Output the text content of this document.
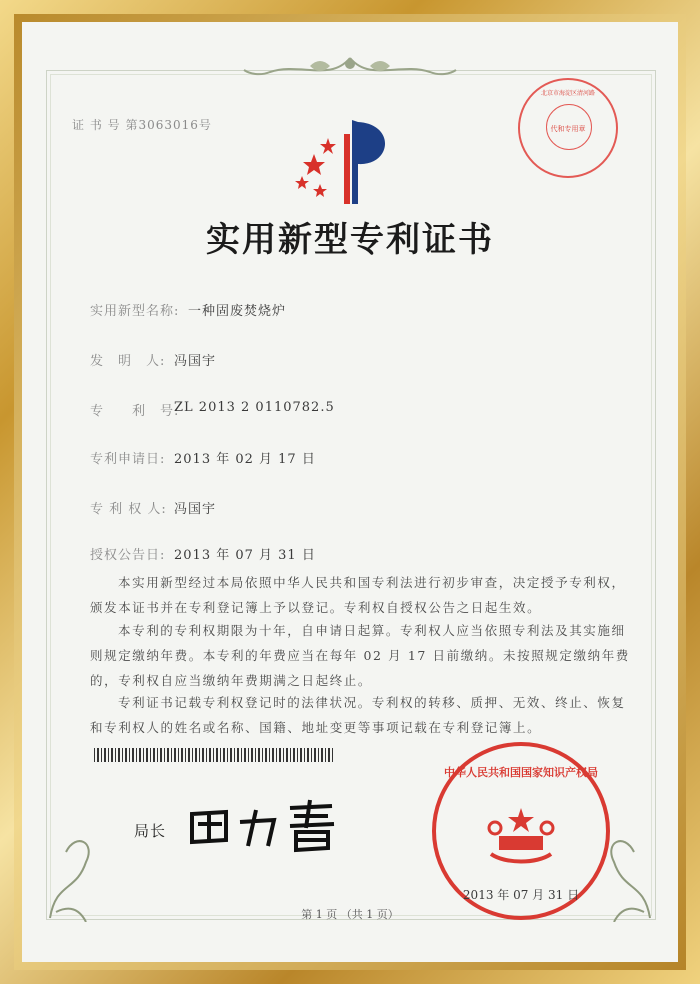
证 书 号 第3063016号
实用新型专利证书
实用新型名称: 一种固废焚烧炉
发　明　人: 冯国宇
专　　利　号:
ZL 2013 2 0110782.5
专利申请日: 2013 年 02 月 17 日
专 利 权 人: 冯国宇
授权公告日: 2013 年 07 月 31 日
本实用新型经过本局依照中华人民共和国专利法进行初步审查，决定授予专利权，颁发本证书并在专利登记簿上予以登记。专利权自授权公告之日起生效。
本专利的专利权期限为十年，自申请日起算。专利权人应当依照专利法及其实施细则规定缴纳年费。本专利的年费应当在每年 02 月 17 日前缴纳。未按照规定缴纳年费的，专利权自应当缴纳年费期满之日起终止。
专利证书记载专利权登记时的法律状况。专利权的转移、质押、无效、终止、恢复和专利权人的姓名或名称、国籍、地址变更等事项记载在专利登记簿上。
局长
北京市海淀区清河路
代和专用章
中华人民共和国国家知识产权局
2013 年 07 月 31 日
第 1 页 （共 1 页）
